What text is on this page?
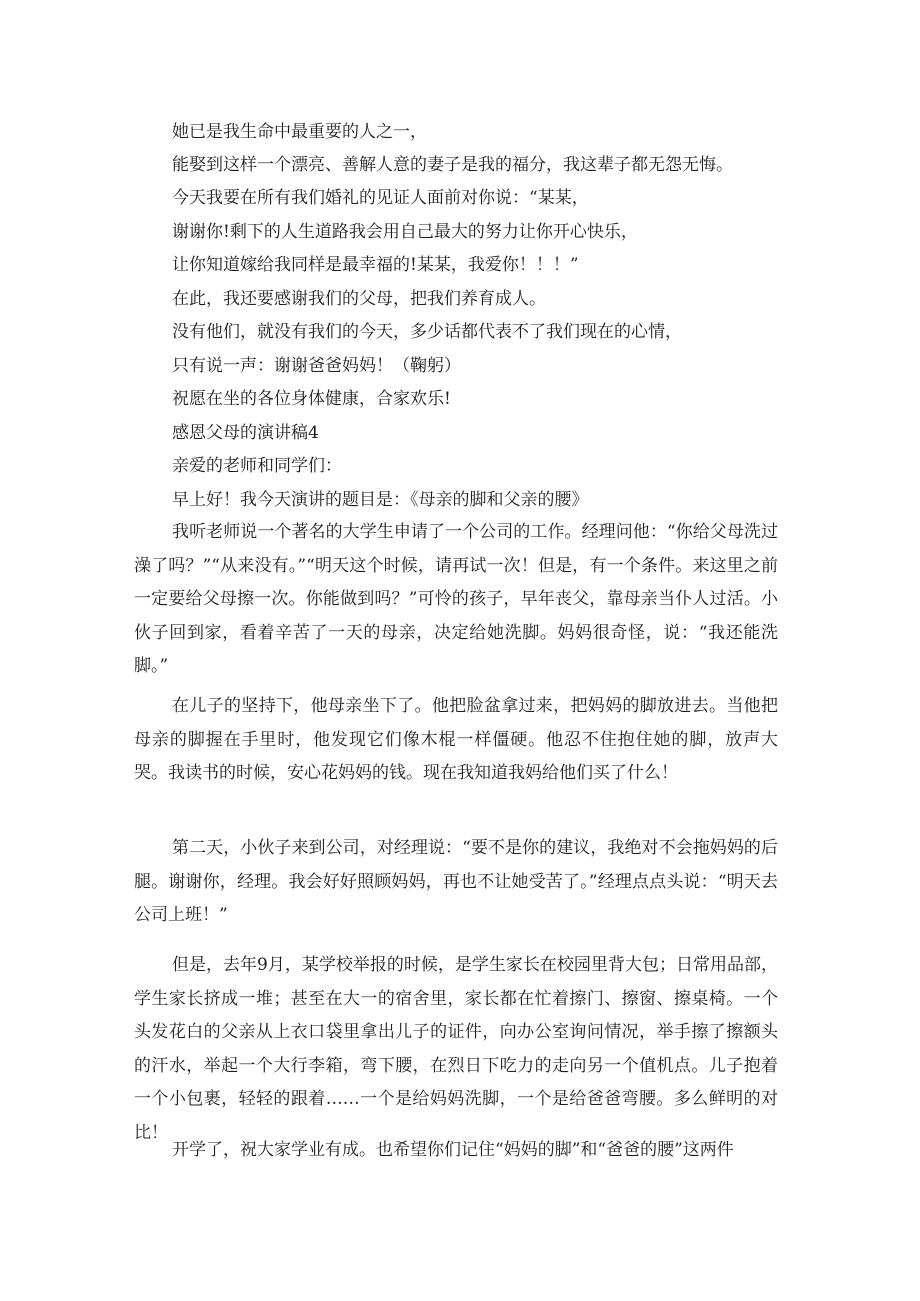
她已是我生命中最重要的人之一，
能娶到这样一个漂亮、善解人意的妻子是我的福分，我这辈子都无怨无悔。
今天我要在所有我们婚礼的见证人面前对你说：“某某，
谢谢你!剩下的人生道路我会用自己最大的努力让你开心快乐，
让你知道嫁给我同样是最幸福的!某某，我爱你！！！”
在此，我还要感谢我们的父母，把我们养育成人。
没有他们，就没有我们的今天，多少话都代表不了我们现在的心情，
只有说一声：谢谢爸爸妈妈！（鞠躬）
祝愿在坐的各位身体健康，合家欢乐!
感恩父母的演讲稿4
亲爱的老师和同学们：
早上好！我今天演讲的题目是：《母亲的脚和父亲的腰》
我听老师说一个著名的大学生申请了一个公司的工作。经理问他：“你给父母洗过澡了吗？”“从来没有。”“明天这个时候，请再试一次！但是，有一个条件。来这里之前一定要给父母擦一次。你能做到吗？”可怜的孩子，早年丧父，靠母亲当仆人过活。小伙子回到家，看着辛苦了一天的母亲，决定给她洗脚。妈妈很奇怪，说：“我还能洗脚。”
在儿子的坚持下，他母亲坐下了。他把脸盆拿过来，把妈妈的脚放进去。当他把母亲的脚握在手里时，他发现它们像木棍一样僵硬。他忍不住抱住她的脚，放声大哭。我读书的时候，安心花妈妈的钱。现在我知道我妈给他们买了什么！
第二天，小伙子来到公司，对经理说：“要不是你的建议，我绝对不会拖妈妈的后腿。谢谢你，经理。我会好好照顾妈妈，再也不让她受苦了。”经理点点头说：“明天去公司上班！”
但是，去年9月，某学校举报的时候，是学生家长在校园里背大包；日常用品部，学生家长挤成一堆；甚至在大一的宿舍里，家长都在忙着擦门、擦窗、擦桌椅。一个头发花白的父亲从上衣口袋里拿出儿子的证件，向办公室询问情况，举手擦了擦额头的汗水，举起一个大行李箱，弯下腰，在烈日下吃力的走向另一个值机点。儿子抱着一个小包裹，轻轻的跟着……一个是给妈妈洗脚，一个是给爸爸弯腰。多么鲜明的对比！
开学了，祝大家学业有成。也希望你们记住“妈妈的脚”和“爸爸的腰”这两件
